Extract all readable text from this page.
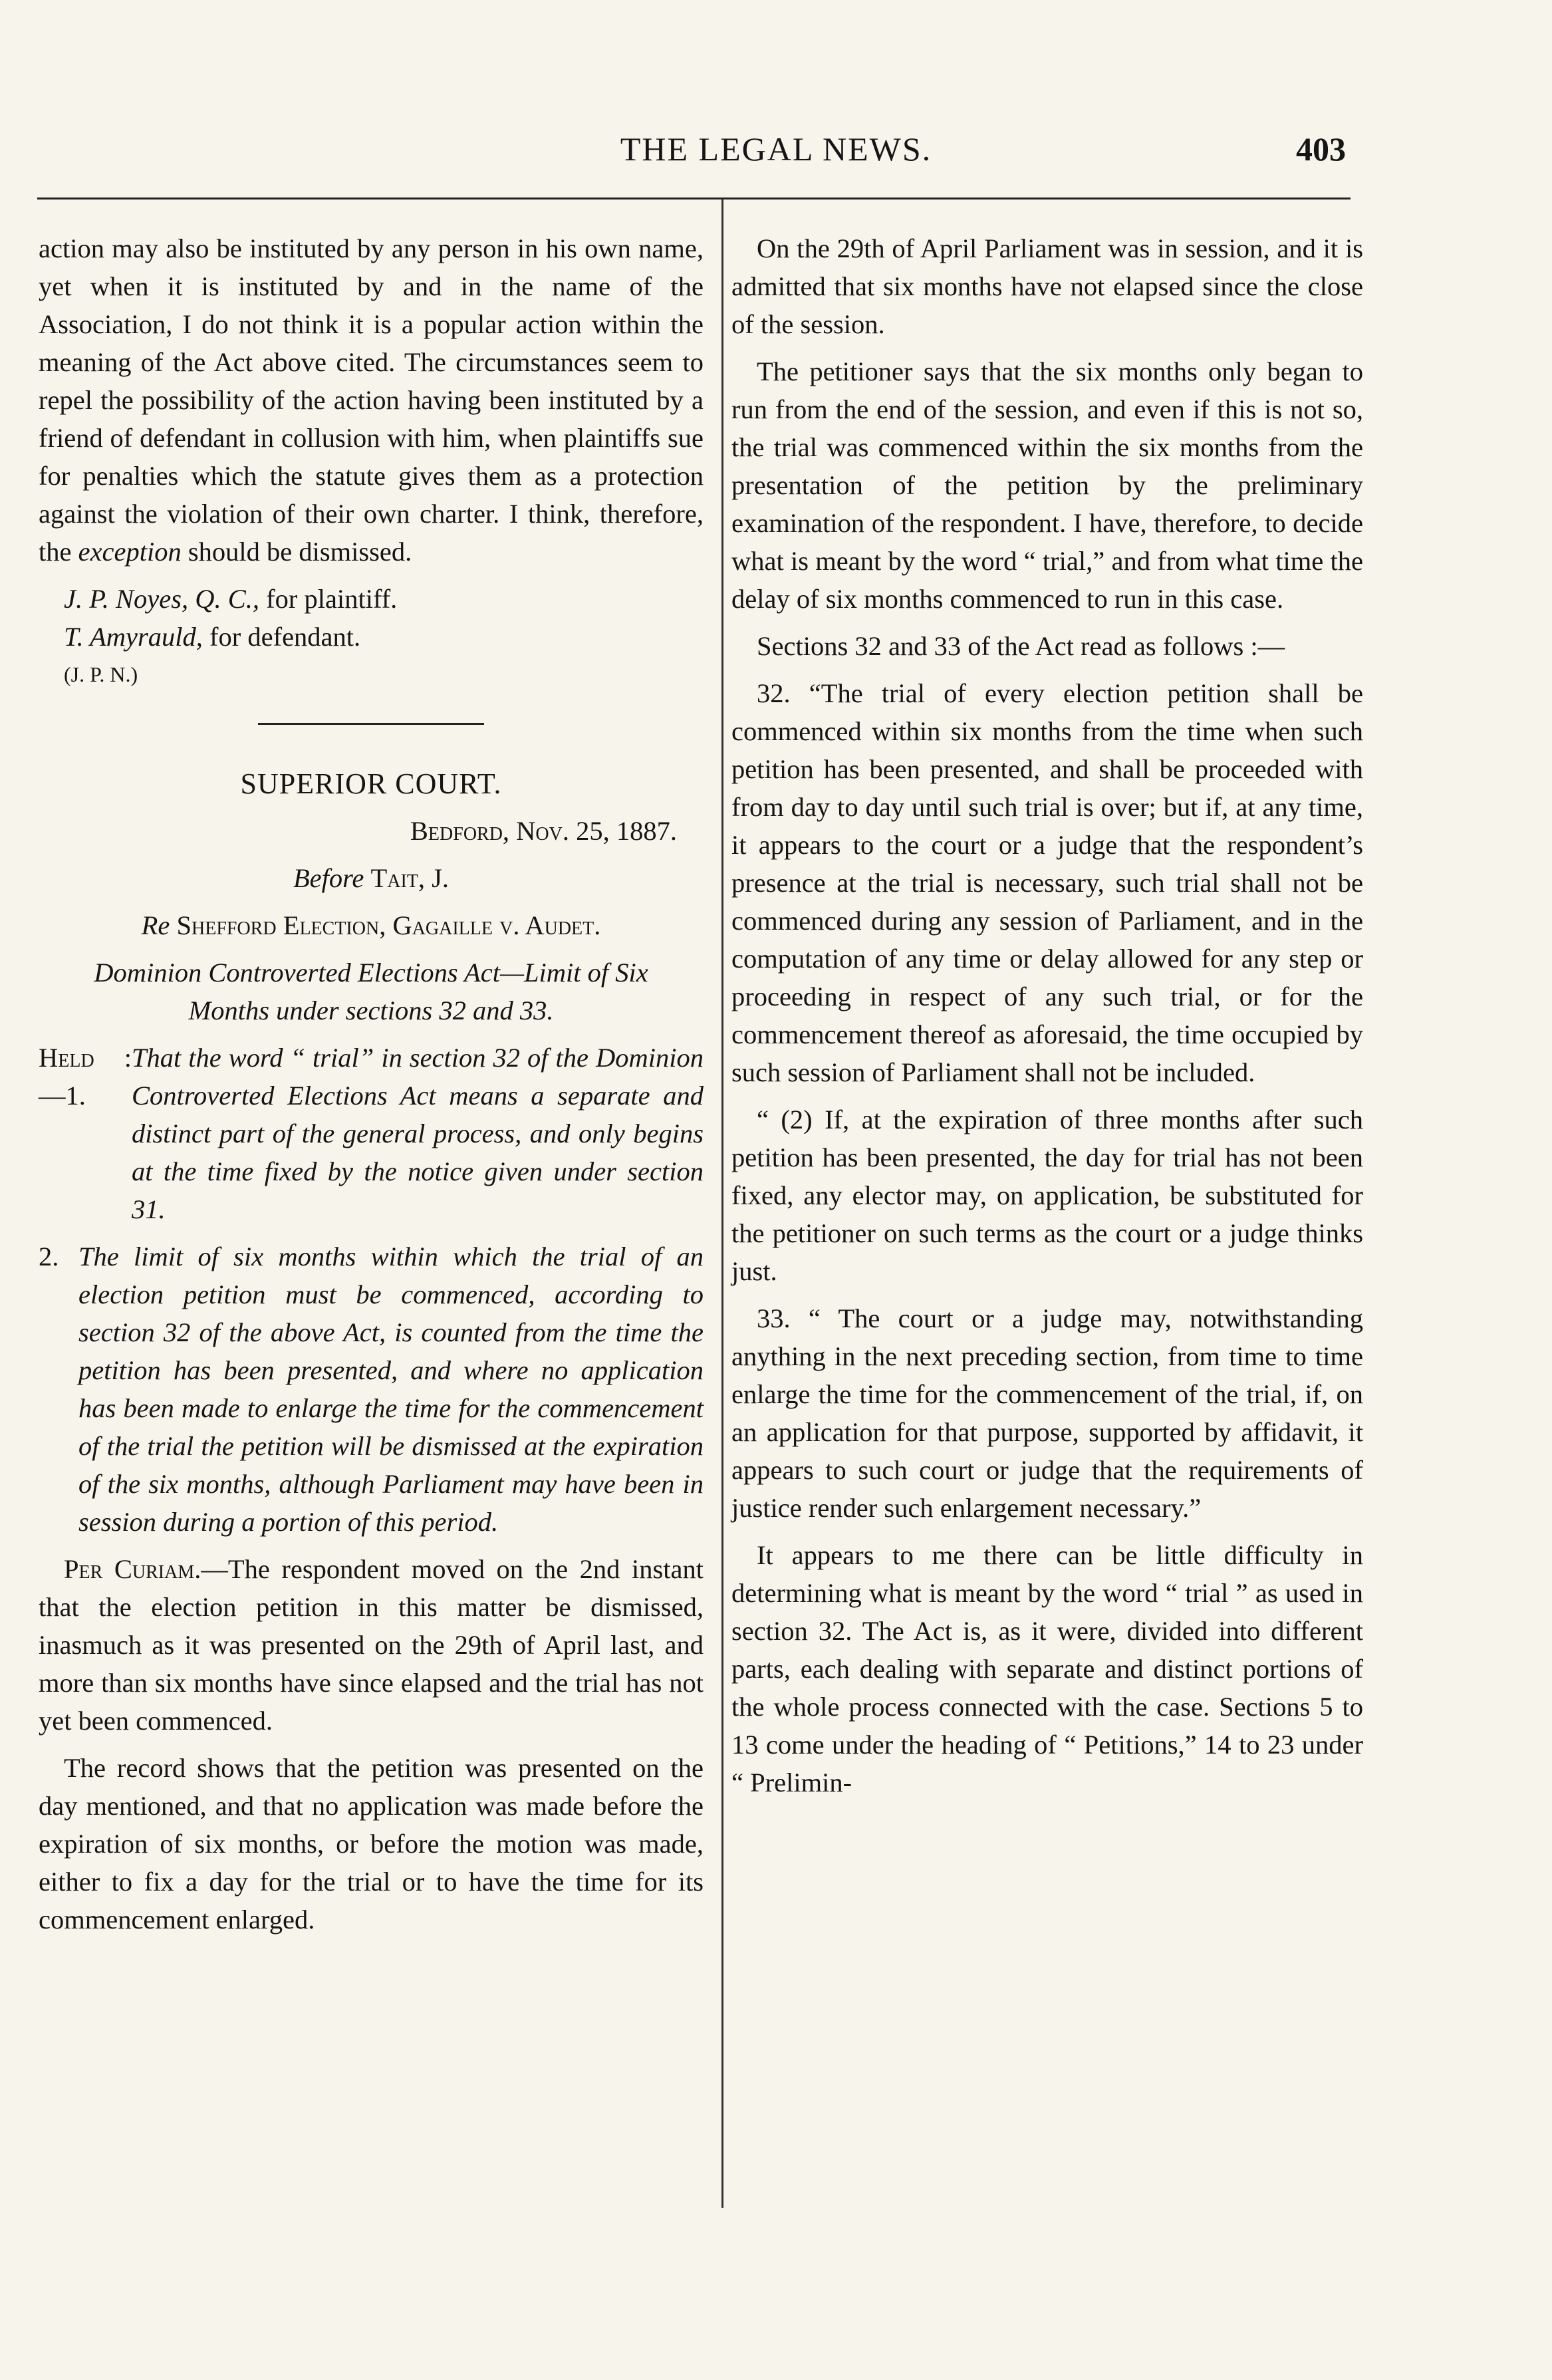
THE LEGAL NEWS.	403

action may also be instituted by any person in his own name, yet when it is instituted by and in the name of the Association, I do not think it is a popular action within the meaning of the Act above cited. The circumstances seem to repel the possibility of the action having been instituted by a friend of defendant in collusion with him, when plaintiffs sue for penalties which the statute gives them as a protection against the violation of their own charter. I think, therefore, the exception should be dismissed.

J. P. Noyes, Q. C., for plaintiff.

T. Amyrauld, for defendant.

(J. P. N.)

SUPERIOR COURT.

Bedford, Nov. 25, 1887.

Before Tait, J.

Re Shefford Election, Gagaille v. Audet.

Dominion Controverted Elections Act—Limit of Six Months under sections 32 and 33.

Held :—1.
That the word “ trial” in section 32 of the Dominion Controverted Elections Act means a separate and distinct part of the general process, and only begins at the time fixed by the notice given under section 31.
2. The limit of six months within which the trial of an election petition must be commenced, according to section 32 of the above Act, is counted from the time the petition has been presented, and where no application has been made to enlarge the time for the commencement of the trial the petition will be dismissed at the expiration of the six months, although Parliament may have been in session during a portion of this period.

Per Curiam.—The respondent moved on the 2nd instant that the election petition in this matter be dismissed, inasmuch as it was presented on the 29th of April last, and more than six months have since elapsed and the trial has not yet been commenced.

The record shows that the petition was presented on the day mentioned, and that no application was made before the expiration of six months, or before the motion was made, either to fix a day for the trial or to have the time for its commencement enlarged.

On the 29th of April Parliament was in session, and it is admitted that six months have not elapsed since the close of the session.

The petitioner says that the six months only began to run from the end of the session, and even if this is not so, the trial was commenced within the six months from the presentation of the petition by the preliminary examination of the respondent. I have, therefore, to decide what is meant by the word “ trial,” and from what time the delay of six months commenced to run in this case.

Sections 32 and 33 of the Act read as follows :—

32. “The trial of every election petition shall be commenced within six months from the time when such petition has been presented, and shall be proceeded with from day to day until such trial is over; but if, at any time, it appears to the court or a judge that the respondent’s presence at the trial is necessary, such trial shall not be commenced during any session of Parliament, and in the computation of any time or delay allowed for any step or proceeding in respect of any such trial, or for the commencement thereof as aforesaid, the time occupied by such session of Parliament shall not be included.

“ (2) If, at the expiration of three months after such petition has been presented, the day for trial has not been fixed, any elector may, on application, be substituted for the petitioner on such terms as the court or a judge thinks just.

33. “ The court or a judge may, notwithstanding anything in the next preceding section, from time to time enlarge the time for the commencement of the trial, if, on an application for that purpose, supported by affidavit, it appears to such court or judge that the requirements of justice render such enlargement necessary.”

It appears to me there can be little difficulty in determining what is meant by the word “ trial ” as used in section 32. The Act is, as it were, divided into different parts, each dealing with separate and distinct portions of the whole process connected with the case. Sections 5 to 13 come under the heading of “ Petitions,” 14 to 23 under “ Prelimin-
